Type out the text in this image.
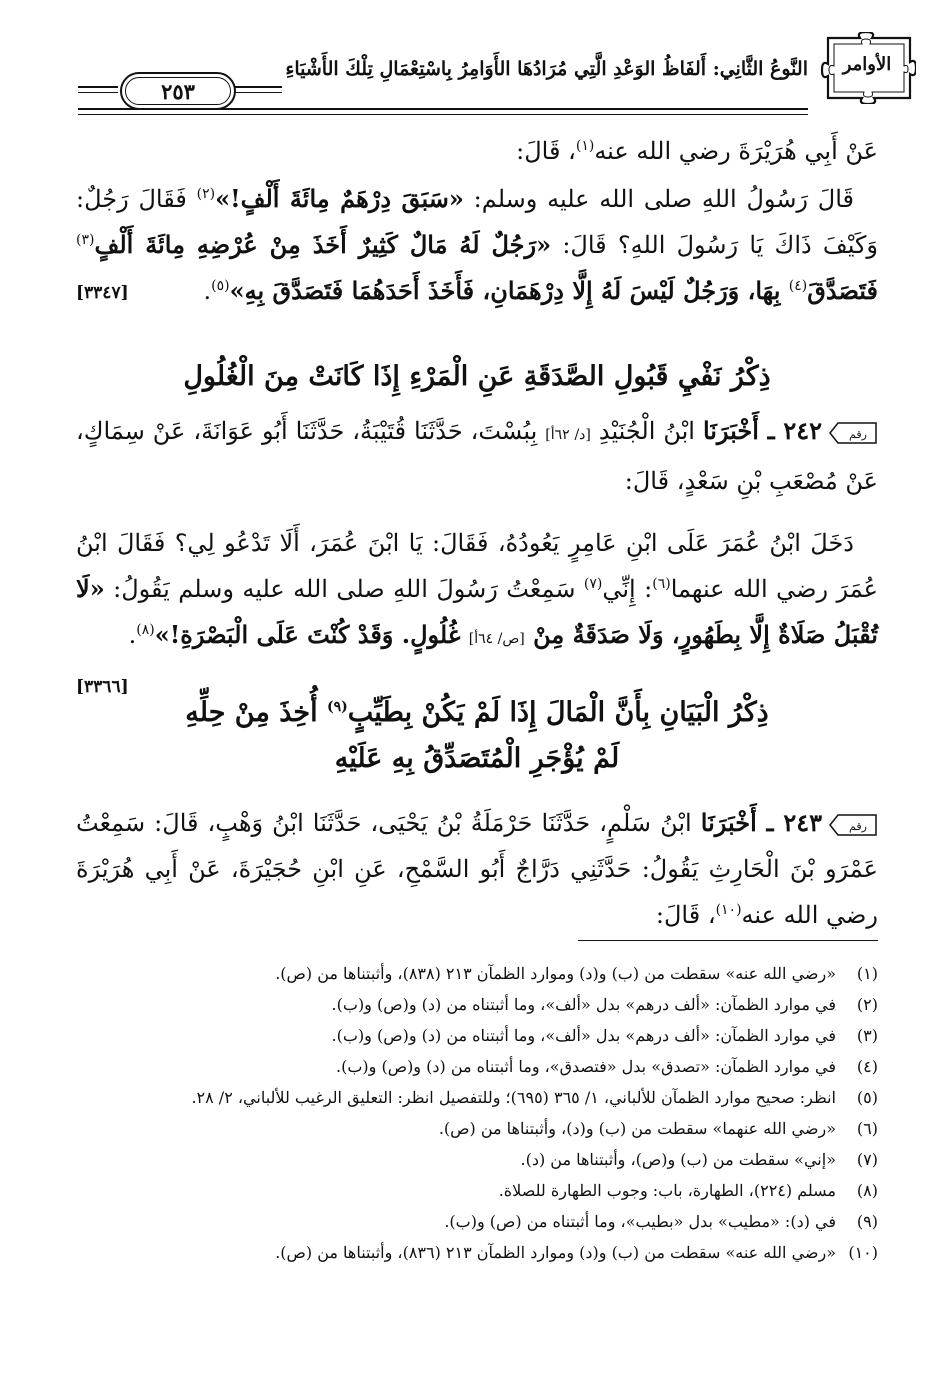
الأوامر
النَّوعُ الثَّانِي: أَلفَاظُ الوَعْدِ الَّتِي مُرَادُهَا الأَوَامِرُ بِاسْتِعْمَالِ تِلْكَ الأَشْيَاءِ
٢٥٣
عَنْ أَبِي هُرَيْرَةَ رضي الله عنه$^{(١)}$، قَالَ:
قَالَ رَسُولُ اللهِ صلى الله عليه وسلم: «سَبَقَ دِرْهَمٌ مِائَةَ أَلْفٍ!»$^{(٢)}$ فَقَالَ رَجُلٌ: وَكَيْفَ ذَاكَ يَا رَسُولَ اللهِ؟ قَالَ: «رَجُلٌ لَهُ مَالٌ كَثِيرٌ أَخَذَ مِنْ عُرْضِهِ مِائَةَ أَلْفٍ$^{(٣)}$ فَتَصَدَّقَ$^{(٤)}$ بِهَا، وَرَجُلٌ لَيْسَ لَهُ إِلَّا دِرْهَمَانِ، فَأَخَذَ أَحَدَهُمَا فَتَصَدَّقَ بِهِ»$^{(٥)}$.
[٣٣٤٧]
ذِكْرُ نَفْيِ قَبُولِ الصَّدَقَةِ عَنِ الْمَرْءِ إِذَا كَانَتْ مِنَ الْغُلُولِ
رقم
٢٤٢ ـ أَخْبَرَنَا ابْنُ الْجُنَيْدِ [د/ ٦٢أ] بِبُسْتَ، حَدَّثَنَا قُتَيْبَةُ، حَدَّثَنَا أَبُو عَوَانَةَ، عَنْ سِمَاكٍ، عَنْ مُصْعَبِ بْنِ سَعْدٍ، قَالَ:
دَخَلَ ابْنُ عُمَرَ عَلَى ابْنِ عَامِرٍ يَعُودُهُ، فَقَالَ: يَا ابْنَ عُمَرَ، أَلَا تَدْعُو لِي؟ فَقَالَ ابْنُ عُمَرَ رضي الله عنهما$^{(٦)}$: إِنِّي$^{(٧)}$ سَمِعْتُ رَسُولَ اللهِ صلى الله عليه وسلم يَقُولُ: «لَا تُقْبَلُ صَلَاةٌ إِلَّا بِطَهُورٍ، وَلَا صَدَقَةٌ مِنْ [ص/ ٦٤أ] غُلُولٍ. وَقَدْ كُنْتَ عَلَى الْبَصْرَةِ!»$^{(٨)}$.
[٣٣٦٦]
ذِكْرُ الْبَيَانِ بِأَنَّ الْمَالَ إِذَا لَمْ يَكُنْ بِطَيِّبٍ$^{(٩)}$ أُخِذَ مِنْ حِلِّهِ
لَمْ يُؤْجَرِ الْمُتَصَدِّقُ بِهِ عَلَيْهِ
رقم
٢٤٣ ـ أَخْبَرَنَا ابْنُ سَلْمٍ، حَدَّثَنَا حَرْمَلَةُ بْنُ يَحْيَى، حَدَّثَنَا ابْنُ وَهْبٍ، قَالَ: سَمِعْتُ عَمْرَو بْنَ الْحَارِثِ يَقُولُ: حَدَّثَنِي دَرَّاجٌ أَبُو السَّمْحِ، عَنِ ابْنِ حُجَيْرَةَ، عَنْ أَبِي هُرَيْرَةَ رضي الله عنه$^{(١٠)}$، قَالَ:
(١)
«رضي الله عنه» سقطت من (ب) و(د) وموارد الظمآن ٢١٣ (٨٣٨)، وأثبتناها من (ص).
(٢)
في موارد الظمآن: «ألف درهم» بدل «ألف»، وما أثبتناه من (د) و(ص) و(ب).
(٣)
في موارد الظمآن: «ألف درهم» بدل «ألف»، وما أثبتناه من (د) و(ص) و(ب).
(٤)
في موارد الظمآن: «تصدق» بدل «فتصدق»، وما أثبتناه من (د) و(ص) و(ب).
(٥)
انظر: صحيح موارد الظمآن للألباني، ١/ ٣٦٥ (٦٩٥)؛ وللتفصيل انظر: التعليق الرغيب للألباني، ٢/ ٢٨.
(٦)
«رضي الله عنهما» سقطت من (ب) و(د)، وأثبتناها من (ص).
(٧)
«إني» سقطت من (ب) و(ص)، وأثبتناها من (د).
(٨)
مسلم (٢٢٤)، الطهارة، باب: وجوب الطهارة للصلاة.
(٩)
في (د): «مطيب» بدل «بطيب»، وما أثبتناه من (ص) و(ب).
(١٠)
«رضي الله عنه» سقطت من (ب) و(د) وموارد الظمآن ٢١٣ (٨٣٦)، وأثبتناها من (ص).
